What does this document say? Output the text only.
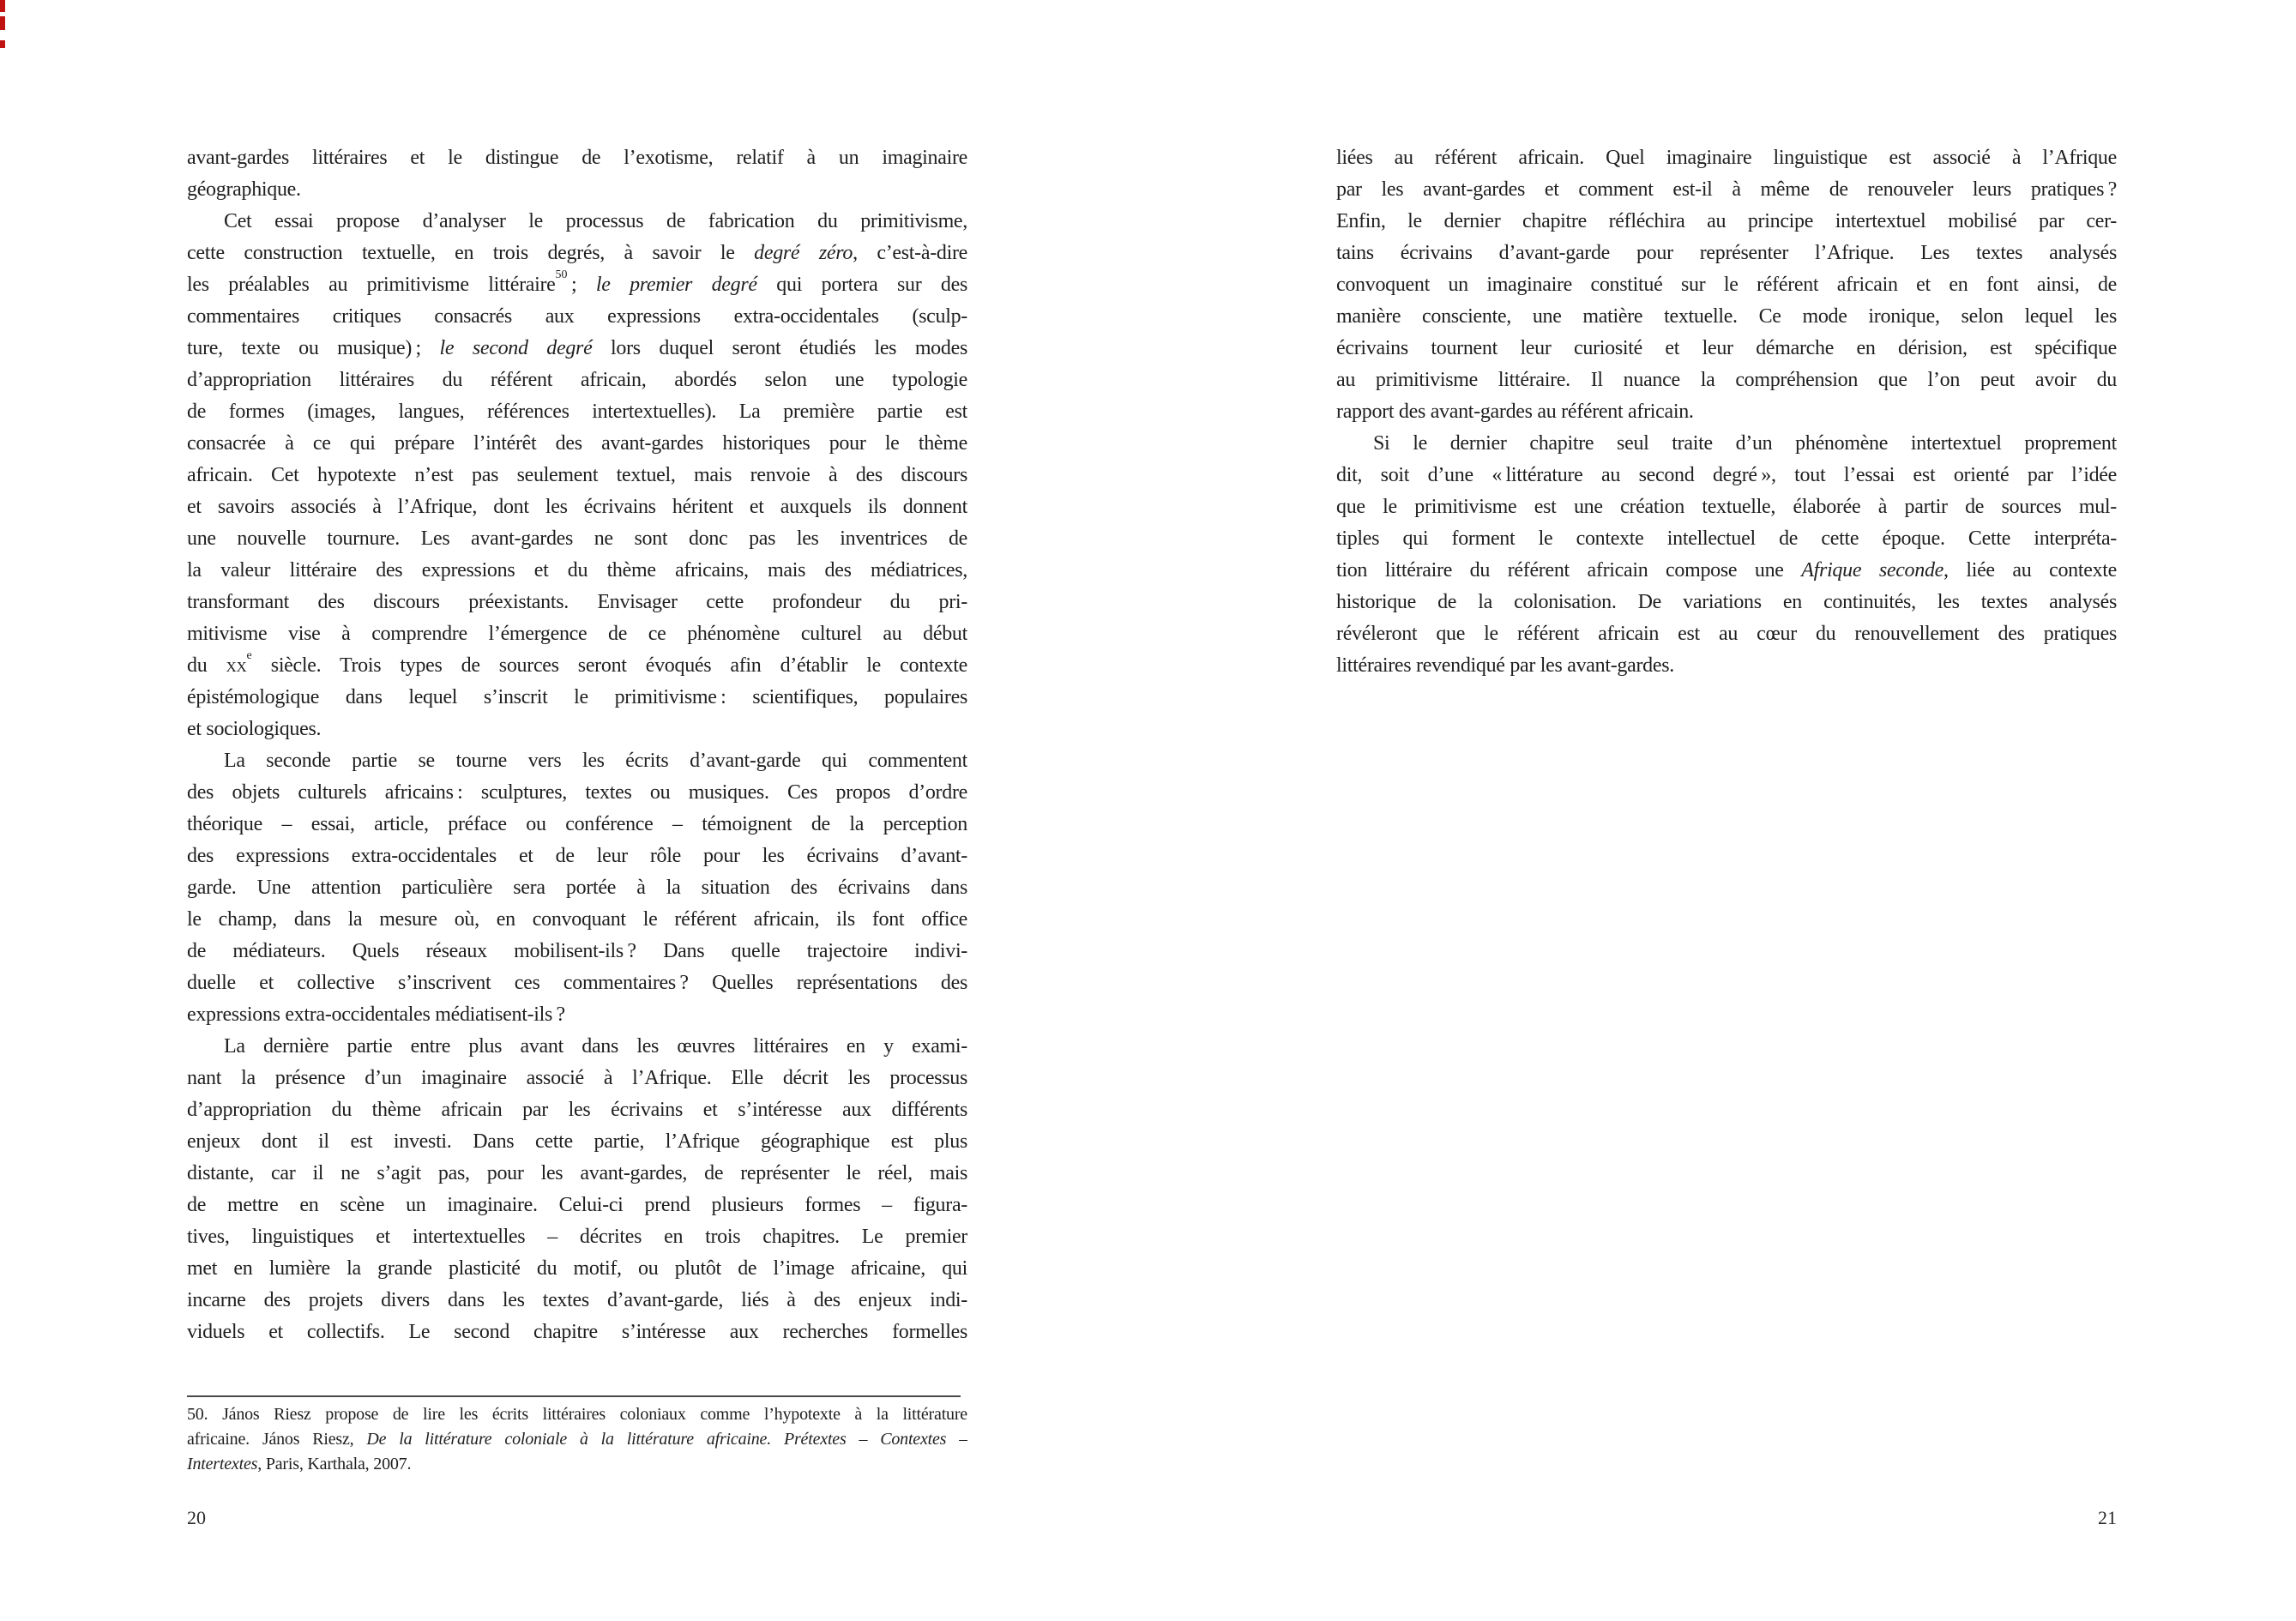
avant-gardes littéraires et le distingue de l’exotisme, relatif à un imaginaire
géographique.
Cet essai propose d’analyser le processus de fabrication du primitivisme,
cette construction textuelle, en trois degrés, à savoir le degré zéro, c’est-à-dire
les préalables au primitivisme littéraire$^{50}$ ; le premier degré qui portera sur des
commentaires critiques consacrés aux expressions extra-occidentales (sculp-
ture, texte ou musique) ; le second degré lors duquel seront étudiés les modes
d’appropriation littéraires du référent africain, abordés selon une typologie
de formes (images, langues, références intertextuelles). La première partie est
consacrée à ce qui prépare l’intérêt des avant-gardes historiques pour le thème
africain. Cet hypotexte n’est pas seulement textuel, mais renvoie à des discours
et savoirs associés à l’Afrique, dont les écrivains héritent et auxquels ils donnent
une nouvelle tournure. Les avant-gardes ne sont donc pas les inventrices de
la valeur littéraire des expressions et du thème africains, mais des médiatrices,
transformant des discours préexistants. Envisager cette profondeur du pri-
mitivisme vise à comprendre l’émergence de ce phénomène culturel au début
du $xx^e$ siècle. Trois types de sources seront évoqués afin d’établir le contexte
épistémologique dans lequel s’inscrit le primitivisme : scientifiques, populaires
et sociologiques.
La seconde partie se tourne vers les écrits d’avant-garde qui commentent
des objets culturels africains : sculptures, textes ou musiques. Ces propos d’ordre
théorique – essai, article, préface ou conférence – témoignent de la perception
des expressions extra-occidentales et de leur rôle pour les écrivains d’avant-
garde. Une attention particulière sera portée à la situation des écrivains dans
le champ, dans la mesure où, en convoquant le référent africain, ils font office
de médiateurs. Quels réseaux mobilisent-ils ? Dans quelle trajectoire indivi-
duelle et collective s’inscrivent ces commentaires ? Quelles représentations des
expressions extra-occidentales médiatisent-ils ?
La dernière partie entre plus avant dans les œuvres littéraires en y exami-
nant la présence d’un imaginaire associé à l’Afrique. Elle décrit les processus
d’appropriation du thème africain par les écrivains et s’intéresse aux différents
enjeux dont il est investi. Dans cette partie, l’Afrique géographique est plus
distante, car il ne s’agit pas, pour les avant-gardes, de représenter le réel, mais
de mettre en scène un imaginaire. Celui-ci prend plusieurs formes – figura-
tives, linguistiques et intertextuelles – décrites en trois chapitres. Le premier
met en lumière la grande plasticité du motif, ou plutôt de l’image africaine, qui
incarne des projets divers dans les textes d’avant-garde, liés à des enjeux indi-
viduels et collectifs. Le second chapitre s’intéresse aux recherches formelles
50. János Riesz propose de lire les écrits littéraires coloniaux comme l’hypotexte à la littérature
africaine. János Riesz, De la littérature coloniale à la littérature africaine. Prétextes – Contextes –
Intertextes, Paris, Karthala, 2007.
20
liées au référent africain. Quel imaginaire linguistique est associé à l’Afrique
par les avant-gardes et comment est-il à même de renouveler leurs pratiques ?
Enfin, le dernier chapitre réfléchira au principe intertextuel mobilisé par cer-
tains écrivains d’avant-garde pour représenter l’Afrique. Les textes analysés
convoquent un imaginaire constitué sur le référent africain et en font ainsi, de
manière consciente, une matière textuelle. Ce mode ironique, selon lequel les
écrivains tournent leur curiosité et leur démarche en dérision, est spécifique
au primitivisme littéraire. Il nuance la compréhension que l’on peut avoir du
rapport des avant-gardes au référent africain.
Si le dernier chapitre seul traite d’un phénomène intertextuel proprement
dit, soit d’une « littérature au second degré », tout l’essai est orienté par l’idée
que le primitivisme est une création textuelle, élaborée à partir de sources mul-
tiples qui forment le contexte intellectuel de cette époque. Cette interpréta-
tion littéraire du référent africain compose une Afrique seconde, liée au contexte
historique de la colonisation. De variations en continuités, les textes analysés
révéleront que le référent africain est au cœur du renouvellement des pratiques
littéraires revendiqué par les avant-gardes.
21
